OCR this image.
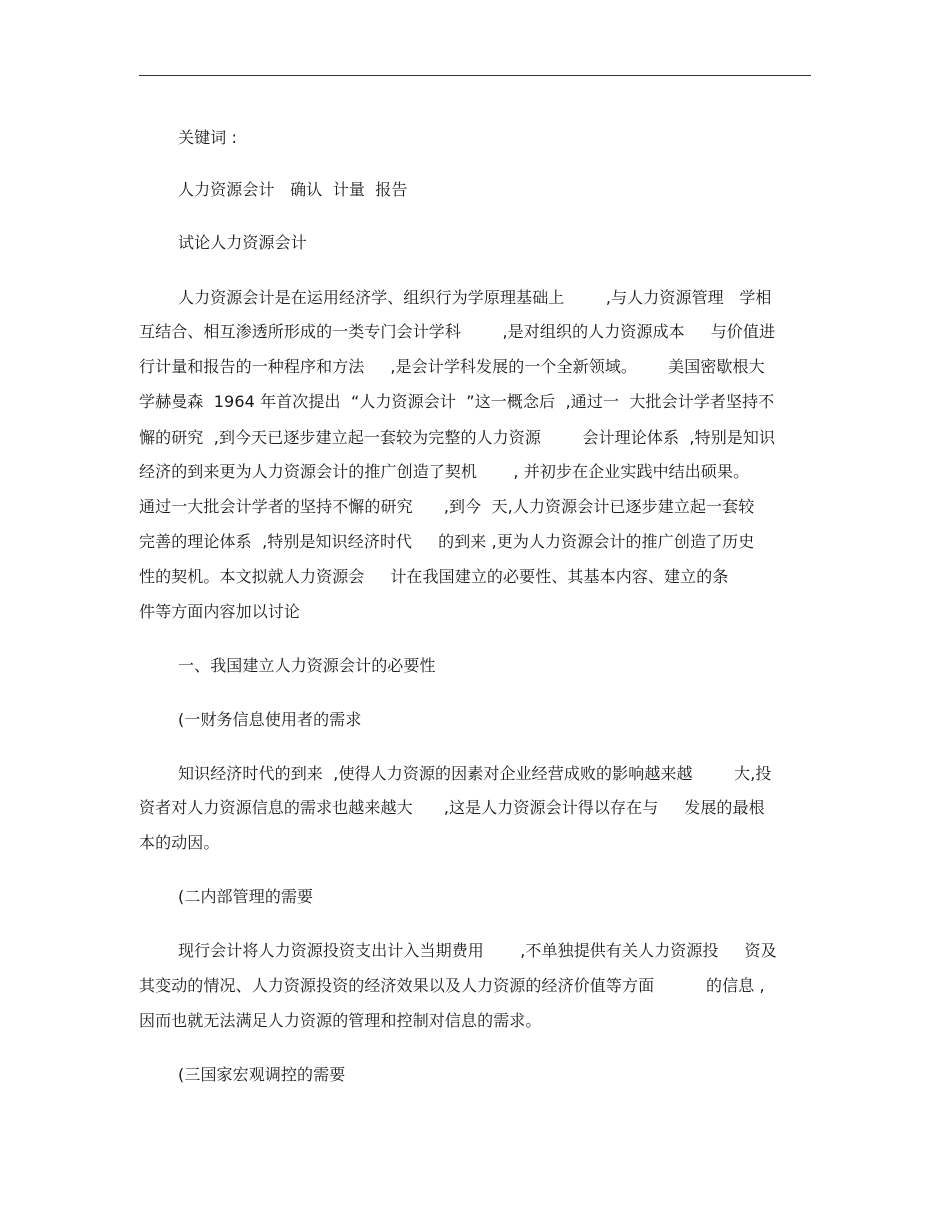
关键词 :
人力资源会计   确认  计量  报告
试论人力资源会计
人力资源会计是在运用经济学、组织行为学原理基础上        ,与人力资源管理   学相
互结合、相互渗透所形成的一类专门会计学科        ,是对组织的人力资源成本     与价值进
行计量和报告的一种程序和方法     ,是会计学科发展的一个全新领域。      美国密歇根大
学赫曼森  1964 年首次提出  “人力资源会计  ”这一概念后  ,通过一  大批会计学者坚持不
懈的研究  ,到今天已逐步建立起一套较为完整的人力资源        会计理论体系  ,特别是知识
经济的到来更为人力资源会计的推广创造了契机       , 并初步在企业实践中结出硕果。
通过一大批会计学者的坚持不懈的研究      ,到今  天,人力资源会计已逐步建立起一套较
完善的理论体系  ,特别是知识经济时代     的到来 ,更为人力资源会计的推广创造了历史
性的契机。本文拟就人力资源会     计在我国建立的必要性、其基本内容、建立的条
件等方面内容加以讨论
一、我国建立人力资源会计的必要性
(一财务信息使用者的需求
知识经济时代的到来  ,使得人力资源的因素对企业经营成败的影响越来越        大,投
资者对人力资源信息的需求也越来越大      ,这是人力资源会计得以存在与     发展的最根
本的动因。
(二内部管理的需要
现行会计将人力资源投资支出计入当期费用       ,不单独提供有关人力资源投     资及
其变动的情况、人力资源投资的经济效果以及人力资源的经济价值等方面          的信息 ,
因而也就无法满足人力资源的管理和控制对信息的需求。
(三国家宏观调控的需要
